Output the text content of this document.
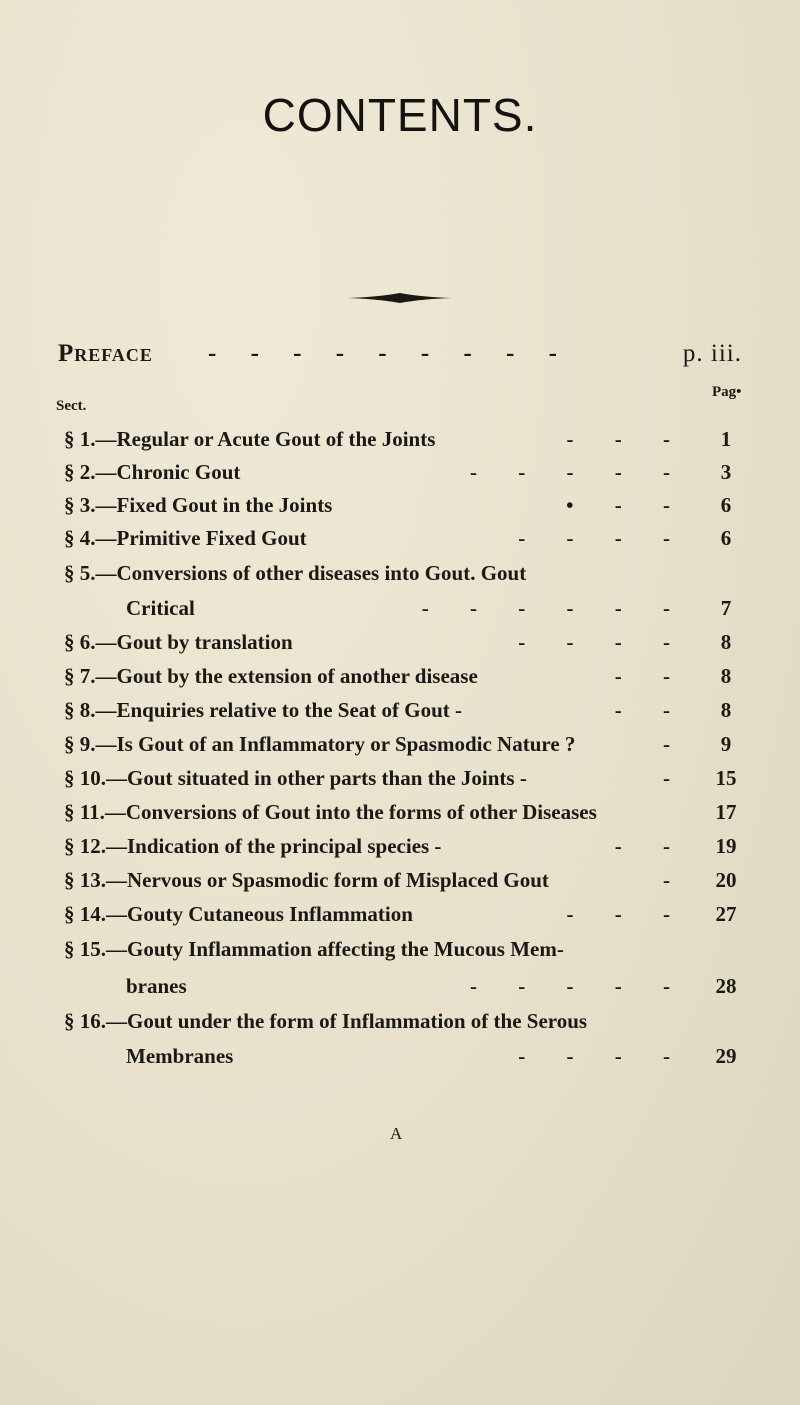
CONTENTS.
Preface - - - - - - - - -	p. iii.
Pag•
Sect.
§ 1.—Regular or Acute Gout of the Joints	- - -	1
§ 2.—Chronic Gout	- - - - -	3
§ 3.—Fixed Gout in the Joints	• - -	6
§ 4.—Primitive Fixed Gout	- - - -	6
§ 5.—Conversions of other diseases into Gout. Gout
Critical	- - - - - -	7
§ 6.—Gout by translation	- - - -	8
§ 7.—Gout by the extension of another disease	- -	8
§ 8.—Enquiries relative to the Seat of Gout -	- -	8
§ 9.—Is Gout of an Inflammatory or Spasmodic Nature ?	-	9
§ 10.—Gout situated in other parts than the Joints -	-	15
§ 11.—Conversions of Gout into the forms of other Diseases	17
§ 12.—Indication of the principal species -	- -	19
§ 13.—Nervous or Spasmodic form of Misplaced Gout	-	20
§ 14.—Gouty Cutaneous Inflammation	- - -	27
§ 15.—Gouty Inflammation affecting the Mucous Mem-
branes	- - - - -	28
§ 16.—Gout under the form of Inflammation of the Serous
Membranes	- - - -	29
A
